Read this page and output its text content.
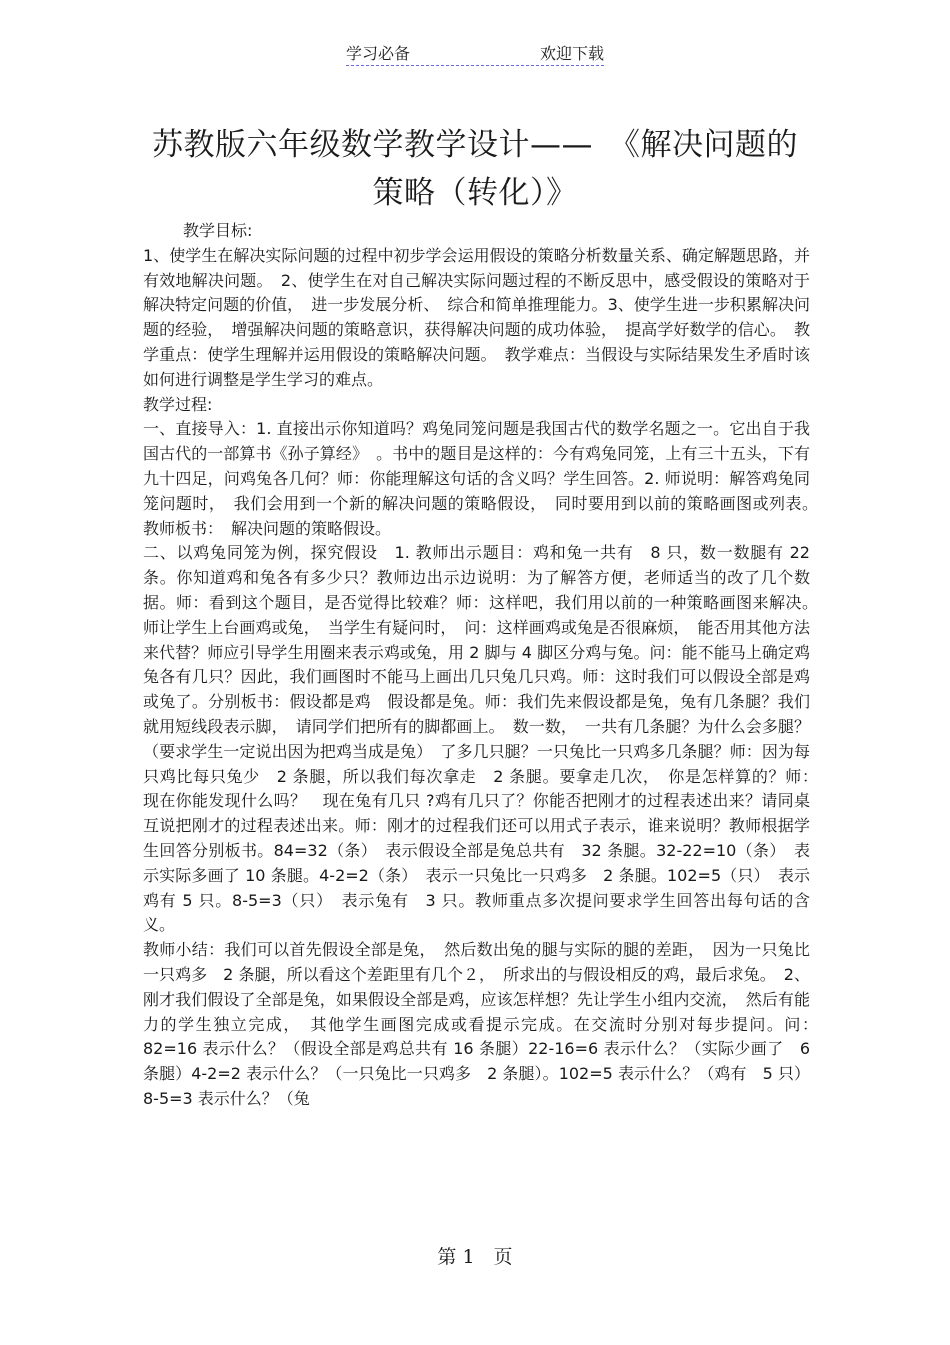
学习必备	欢迎下载
苏教版六年级数学教学设计——　《解决问题的策略（转化）》

教学目标:

1、使学生在解决实际问题的过程中初步学会运用假设的策略分析数量关系、确定解题思路，并有效地解决问题。　2、使学生在对自己解决实际问题过程的不断反思中，感受假设的策略对于解决特定问题的价值，　进一步发展分析、　综合和简单推理能力。3、使学生进一步积累解决问题的经验，　增强解决问题的策略意识，获得解决问题的成功体验，　提高学好数学的信心。　教学重点：使学生理解并运用假设的策略解决问题。　教学难点：当假设与实际结果发生矛盾时该如何进行调整是学生学习的难点。

教学过程:

一、直接导入：1. 直接出示你知道吗？鸡兔同笼问题是我国古代的数学名题之一。它出自于我国古代的一部算书《孙子算经》　。书中的题目是这样的：今有鸡兔同笼，上有三十五头，下有九十四足，问鸡兔各几何？师：你能理解这句话的含义吗？学生回答。2. 师说明：解答鸡兔同笼问题时，　我们会用到一个新的解决问题的策略假设，　同时要用到以前的策略画图或列表。　教师板书：　解决问题的策略假设。

二、以鸡兔同笼为例，探究假设　1. 教师出示题目：鸡和兔一共有　8 只，数一数腿有 22 条。你知道鸡和兔各有多少只？教师边出示边说明：为了解答方便，老师适当的改了几个数据。师：看到这个题目，是否觉得比较难？师：这样吧，我们用以前的一种策略画图来解决。　师让学生上台画鸡或兔，　当学生有疑问时，　问：这样画鸡或兔是否很麻烦，　能否用其他方法来代替？师应引导学生用圈来表示鸡或兔，用 2 脚与 4 脚区分鸡与兔。问：能不能马上确定鸡兔各有几只？因此，我们画图时不能马上画出几只兔几只鸡。师：这时我们可以假设全部是鸡或兔了。分别板书：假设都是鸡　假设都是兔。师：我们先来假设都是兔，兔有几条腿？我们就用短线段表示脚，　请同学们把所有的脚都画上。　数一数，　一共有几条腿？为什么会多腿？　（要求学生一定说出因为把鸡当成是兔）　了多几只腿？一只兔比一只鸡多几条腿？师：因为每只鸡比每只兔少　2 条腿，所以我们每次拿走　2 条腿。要拿走几次，　你是怎样算的？师：　现在你能发现什么吗？　现在兔有几只 ?鸡有几只了？你能否把刚才的过程表述出来？请同桌互说把刚才的过程表述出来。师：刚才的过程我们还可以用式子表示，谁来说明？教师根据学生回答分别板书。84=32（条）　表示假设全部是兔总共有　32 条腿。32-22=10（条）　表示实际多画了 10 条腿。4-2=2（条）　表示一只兔比一只鸡多　2 条腿。102=5（只）　表示鸡有 5 只。8-5=3（只）　表示兔有　3 只。教师重点多次提问要求学生回答出每句话的含义。

教师小结：我们可以首先假设全部是兔，　然后数出兔的腿与实际的腿的差距，　因为一只兔比一只鸡多　2 条腿，所以看这个差距里有几个２，　所求出的与假设相反的鸡，最后求兔。　2、刚才我们假设了全部是兔，如果假设全部是鸡，应该怎样想？先让学生小组内交流，　然后有能力的学生独立完成，　其他学生画图完成或看提示完成。在交流时分别对每步提问。问：　82=16 表示什么？（假设全部是鸡总共有 16 条腿）22-16=6 表示什么？（实际少画了　6 条腿）4-2=2 表示什么？（一只兔比一只鸡多　2 条腿）。102=5 表示什么？（鸡有　5 只）8-5=3 表示什么？（兔

第 1　页
